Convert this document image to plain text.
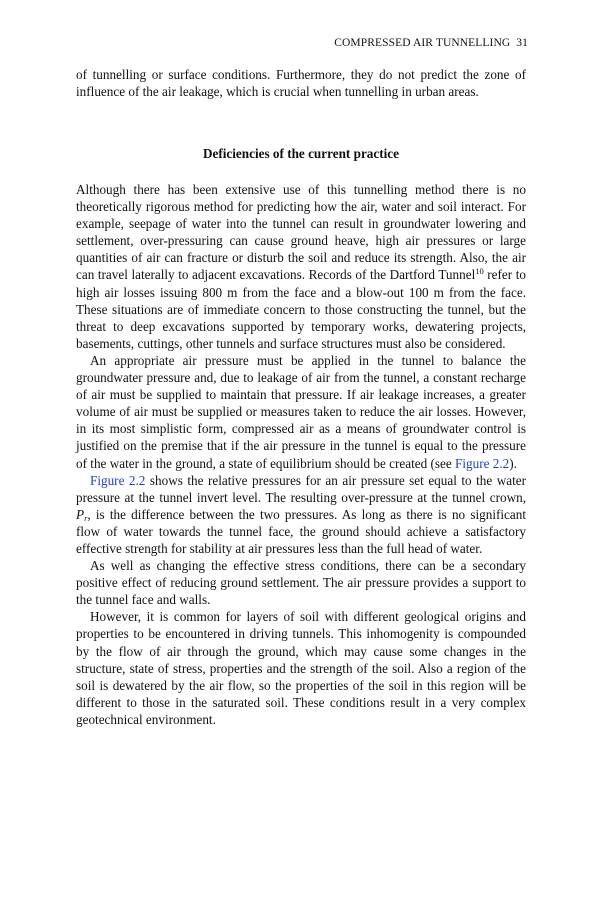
COMPRESSED AIR TUNNELLING 31

of tunnelling or surface conditions. Furthermore, they do not predict the zone of influence of the air leakage, which is crucial when tunnelling in urban areas.

Deficiencies of the current practice

Although there has been extensive use of this tunnelling method there is no theoretically rigorous method for predicting how the air, water and soil interact. For example, seepage of water into the tunnel can result in groundwater lowering and settlement, over-pressuring can cause ground heave, high air pressures or large quantities of air can fracture or disturb the soil and reduce its strength. Also, the air can travel laterally to adjacent excavations. Records of the Dartford Tunnel$^{10}$ refer to high air losses issuing 800 m from the face and a blow-out 100 m from the face. These situations are of immediate concern to those constructing the tunnel, but the threat to deep excavations supported by temporary works, dewatering projects, basements, cuttings, other tunnels and surface structures must also be considered.

An appropriate air pressure must be applied in the tunnel to balance the groundwater pressure and, due to leakage of air from the tunnel, a constant recharge of air must be supplied to maintain that pressure. If air leakage increases, a greater volume of air must be supplied or measures taken to reduce the air losses. However, in its most simplistic form, compressed air as a means of groundwater control is justified on the premise that if the air pressure in the tunnel is equal to the pressure of the water in the ground, a state of equilibrium should be created (see Figure 2.2).

Figure 2.2 shows the relative pressures for an air pressure set equal to the water pressure at the tunnel invert level. The resulting over-pressure at the tunnel crown, $P_r$, is the difference between the two pressures. As long as there is no significant flow of water towards the tunnel face, the ground should achieve a satisfactory effective strength for stability at air pressures less than the full head of water.

As well as changing the effective stress conditions, there can be a secondary positive effect of reducing ground settlement. The air pressure provides a support to the tunnel face and walls.

However, it is common for layers of soil with different geological origins and properties to be encountered in driving tunnels. This inhomogenity is compounded by the flow of air through the ground, which may cause some changes in the structure, state of stress, properties and the strength of the soil. Also a region of the soil is dewatered by the air flow, so the properties of the soil in this region will be different to those in the saturated soil. These conditions result in a very complex geotechnical environment.
